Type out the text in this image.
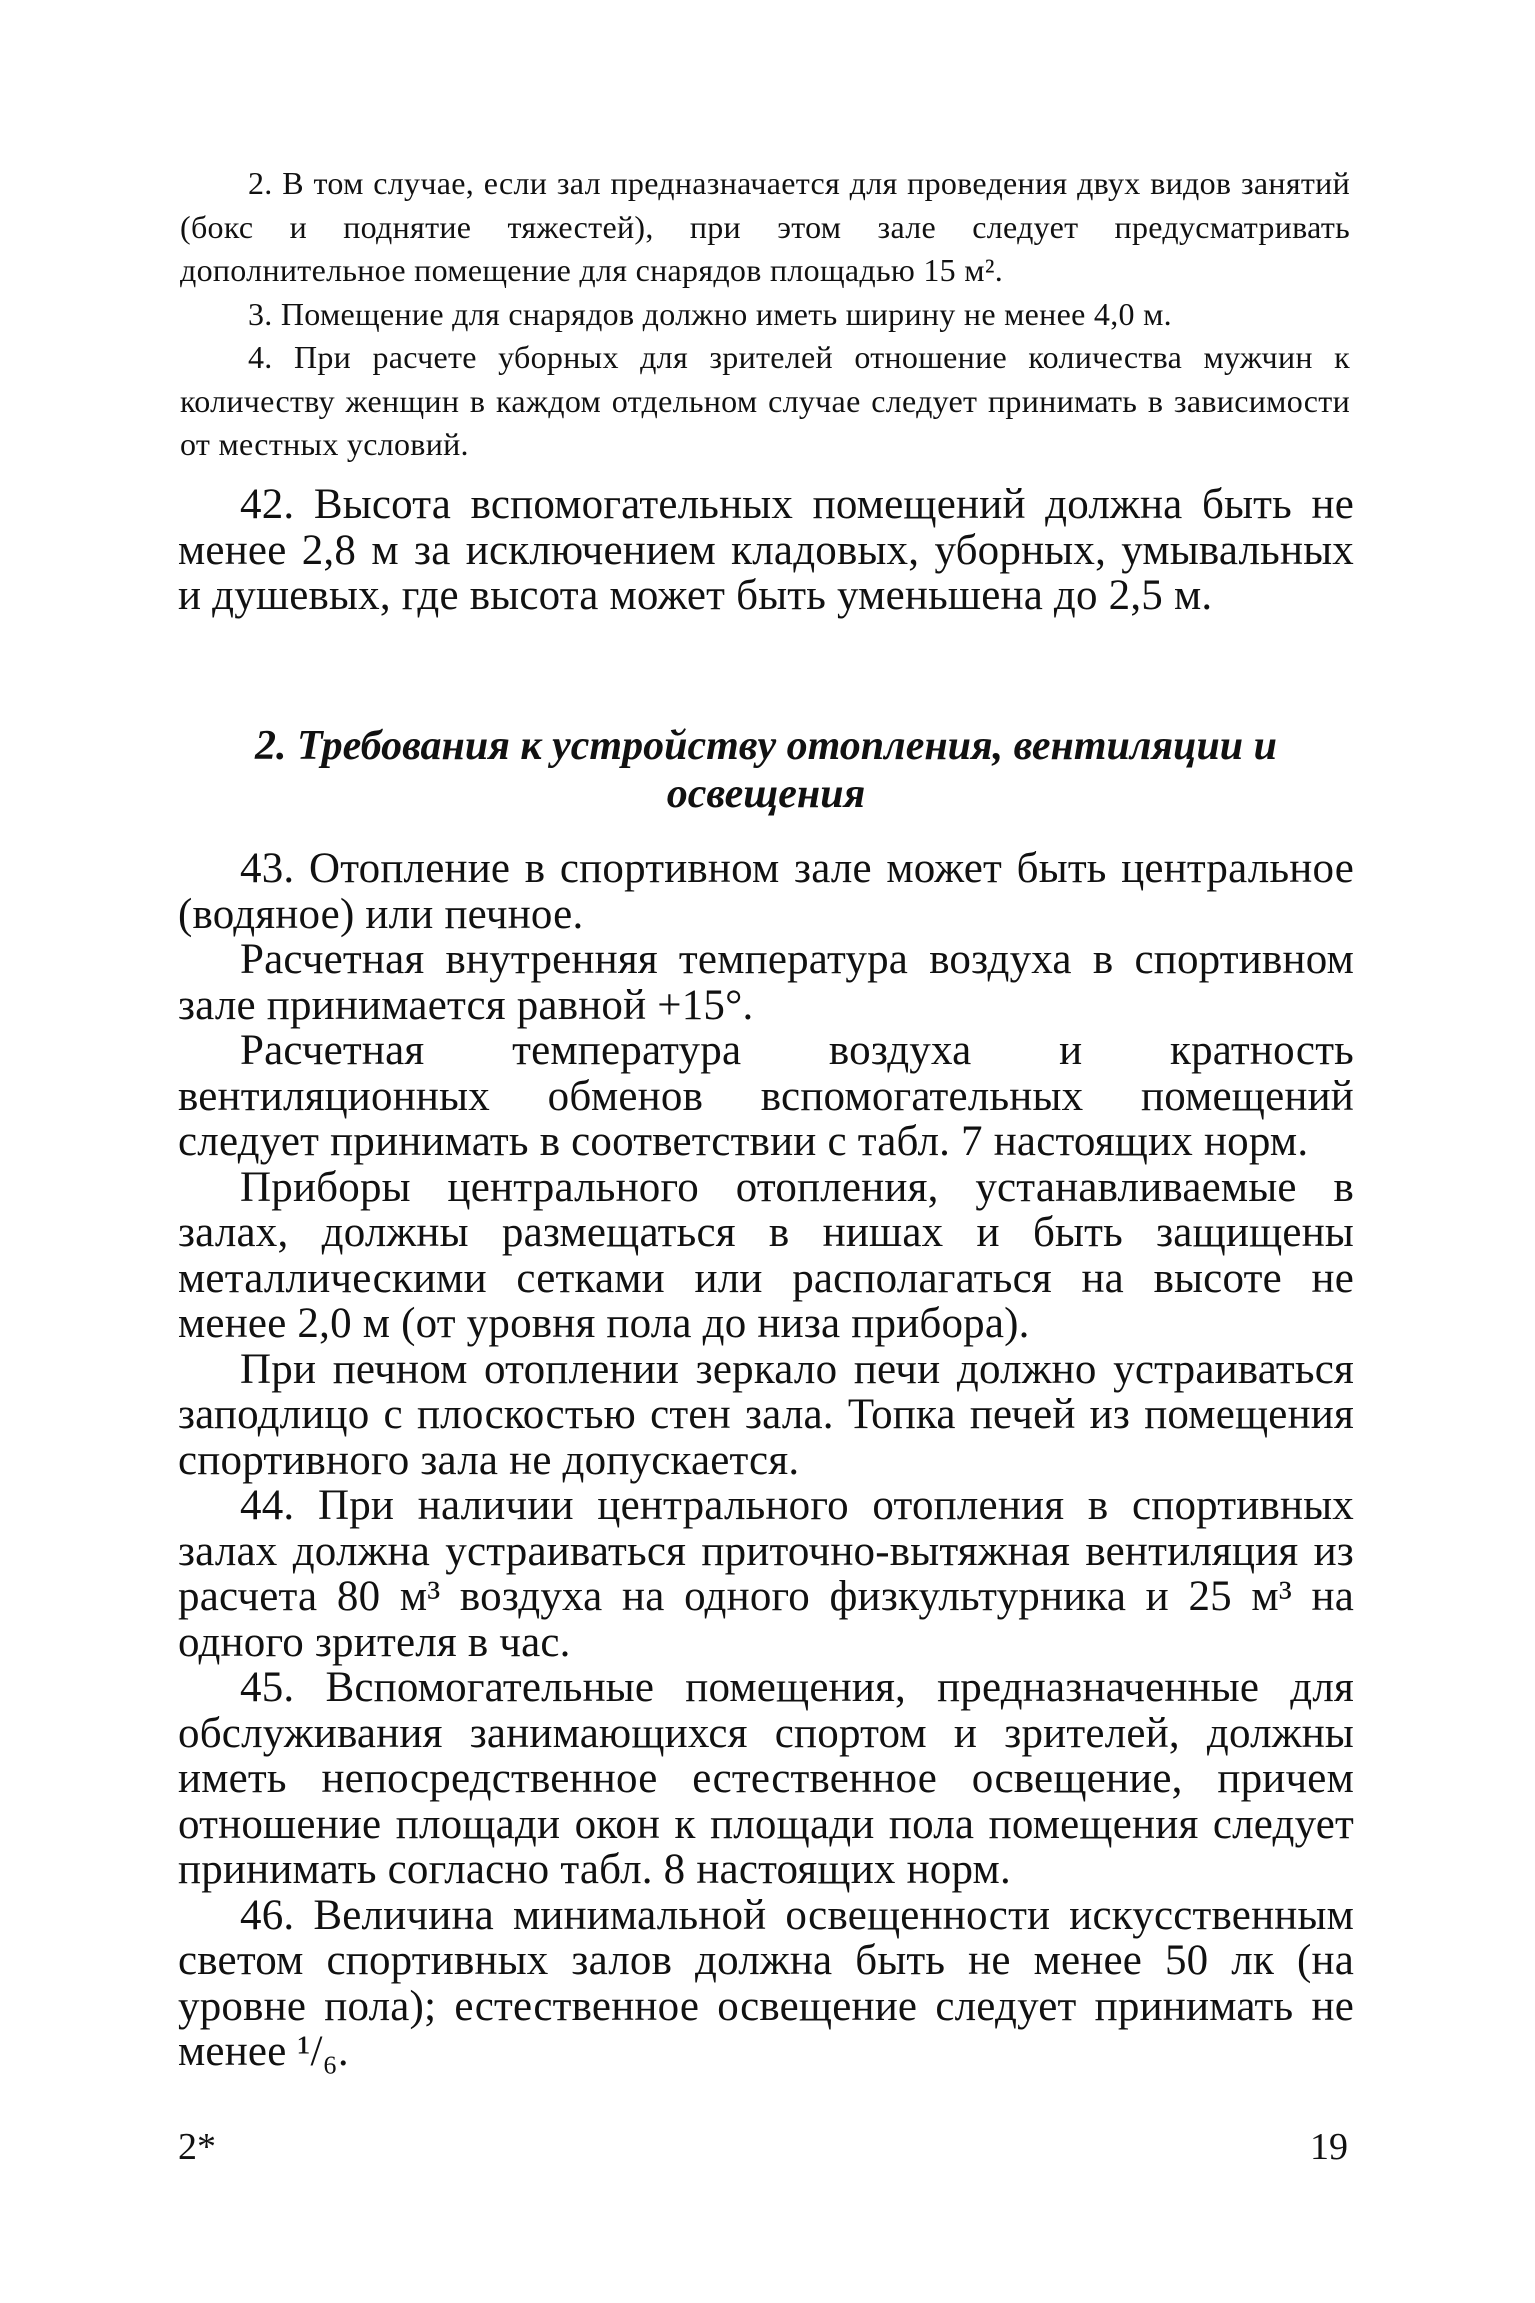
2. В том случае, если зал предназначается для проведения двух видов занятий (бокс и поднятие тяжестей), при этом зале следует предусматривать дополнительное помещение для снарядов площадью 15 м².

3. Помещение для снарядов должно иметь ширину не менее 4,0 м.

4. При расчете уборных для зрителей отношение количества мужчин к количеству женщин в каждом отдельном случае следует принимать в зависимости от местных условий.

42. Высота вспомогательных помещений должна быть не менее 2,8 м за исключением кладовых, уборных, умывальных и душевых, где высота может быть уменьшена до 2,5 м.

2. Требования к устройству отопления, вентиляции и освещения

43. Отопление в спортивном зале может быть центральное (водяное) или печное.

Расчетная внутренняя температура воздуха в спортивном зале принимается равной +15°.

Расчетная температура воздуха и кратность вентиляционных обменов вспомогательных помещений следует принимать в соответствии с табл. 7 настоящих норм.

Приборы центрального отопления, устанавливаемые в залах, должны размещаться в нишах и быть защищены металлическими сетками или располагаться на высоте не менее 2,0 м (от уровня пола до низа прибора).

При печном отоплении зеркало печи должно устраиваться заподлицо с плоскостью стен зала. Топка печей из помещения спортивного зала не допускается.

44. При наличии центрального отопления в спортивных залах должна устраиваться приточно-вытяжная вентиляция из расчета 80 м³ воздуха на одного физкультурника и 25 м³ на одного зрителя в час.

45. Вспомогательные помещения, предназначенные для обслуживания занимающихся спортом и зрителей, должны иметь непосредственное естественное освещение, причем отношение площади окон к площади пола помещения следует принимать согласно табл. 8 настоящих норм.

46. Величина минимальной освещенности искусственным светом спортивных залов должна быть не менее 50 лк (на уровне пола); естественное освещение следует принимать не менее ¹/₆.

2*	19
